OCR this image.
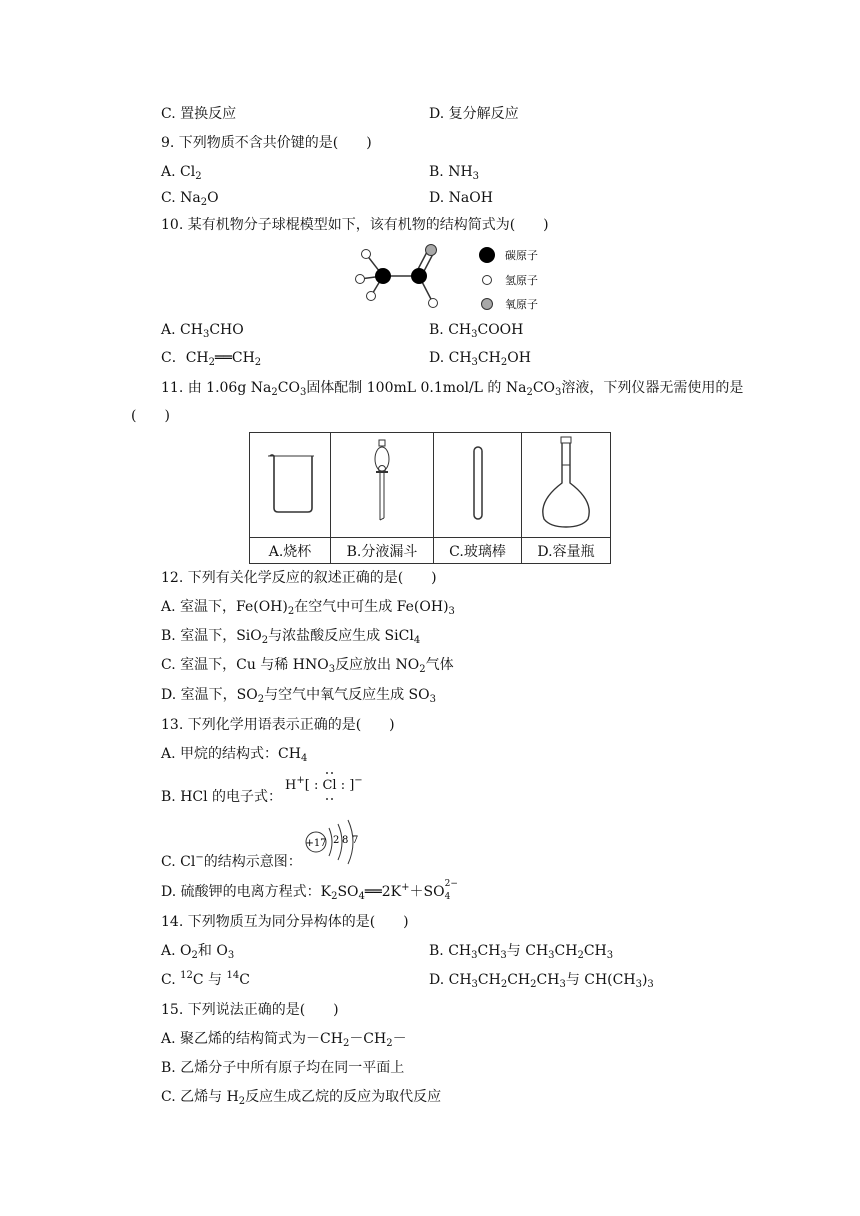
C. 置换反应	D. 复分解反应
9. 下列物质不含共价键的是(　　)
A. $Cl_2$	B. $NH_3$
C. $Na_2O$	D. NaOH
10. 某有机物分子球棍模型如下，该有机物的结构简式为(　　)
碳原子
氢原子
氧原子
A. $CH_3CHO$	B. $CH_3COOH$
C．$CH_2══CH_2$	D. $CH_3CH_2OH$
11. 由 1.06g $Na_2CO_3$固体配制 100mL 0.1mol/L 的 $Na_2CO_3$溶液，下列仪器无需使用的是
(　　)

A.烧杯	B.分液漏斗	C.玻璃棒	D.容量瓶
12. 下列有关化学反应的叙述正确的是(　　)
A. 室温下，$Fe(OH)_2$在空气中可生成 $Fe(OH)_3$
B. 室温下，SiO$_2$与浓盐酸反应生成 SiCl$_4$
C. 室温下，Cu 与稀 $HNO_3$反应放出 $NO_2$气体
D. 室温下，$SO_2$与空气中氧气反应生成 $SO_3$
13. 下列化学用语表示正确的是(　　)
A. 甲烷的结构式：$CH_4$
B. HCl 的电子式：
H+[ : Cl : ]−
C. Cl−的结构示意图：
+17 2 8 7
D. 硫酸钾的电离方程式：$K_2SO_4══2K^++SO$ 2−
4
14. 下列物质互为同分异构体的是(　　)
A. $O_2$和 $O_3$	B. $CH_3CH_3$与 $CH_3CH_2CH_3$
C. $^{12}$C 与 $^{14}$C	D. $CH_3CH_2CH_2CH_3$与 $CH(CH_3)_3$
15. 下列说法正确的是(　　)
A. 聚乙烯的结构简式为$-CH_2-CH_2-$
B. 乙烯分子中所有原子均在同一平面上
C. 乙烯与 $H_2$反应生成乙烷的反应为取代反应
